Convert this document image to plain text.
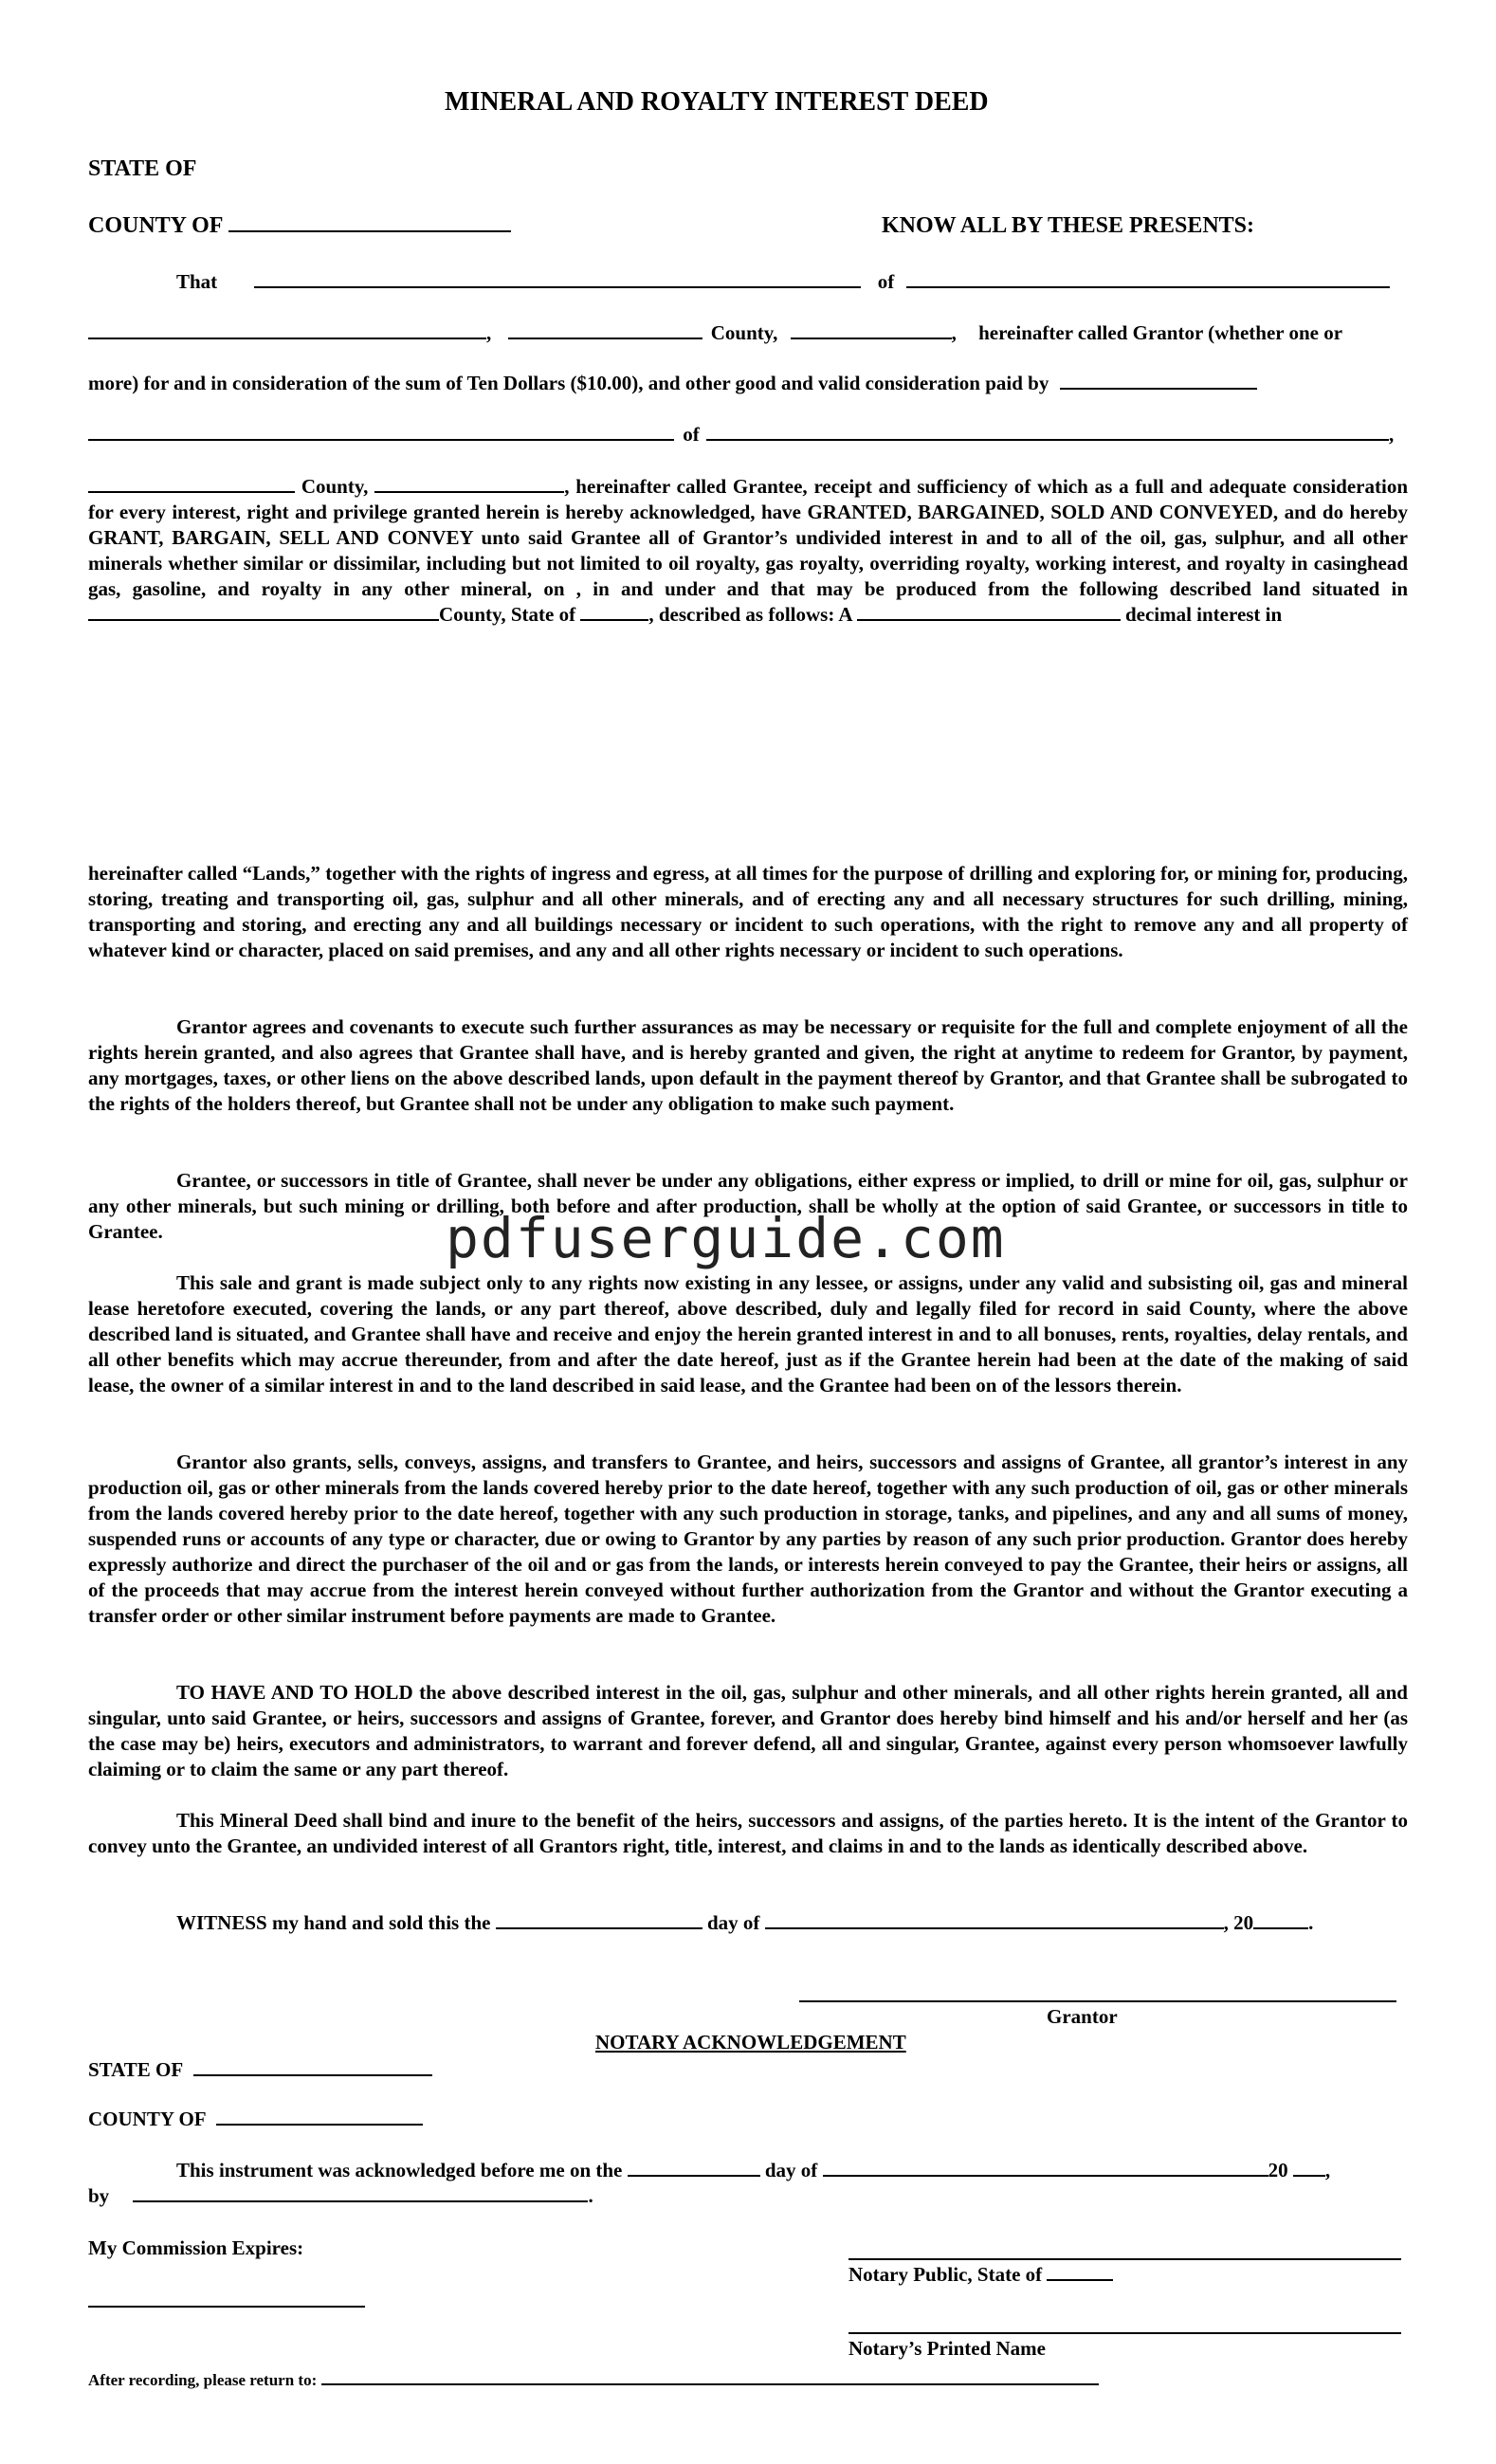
MINERAL AND ROYALTY INTEREST DEED
STATE OF
COUNTY OF	KNOW ALL BY THESE PRESENTS:
That	of
,	County,	, hereinafter called Grantor (whether one or
more) for and in consideration of the sum of Ten Dollars ($10.00), and other good and valid consideration paid by
of	,
County,	, hereinafter called Grantee, receipt and sufficiency of which as a full and adequate consideration for every interest, right and privilege granted herein is hereby acknowledged, have GRANTED, BARGAINED, SOLD AND CONVEYED, and do hereby GRANT, BARGAIN, SELL AND CONVEY unto said Grantee all of Grantor’s undivided interest in and to all of the oil, gas, sulphur, and all other minerals whether similar or dissimilar, including but not limited to oil royalty, gas royalty, overriding royalty, working interest, and royalty in casinghead gas, gasoline, and royalty in any other mineral, on , in and under and that may be produced from the following described land situated in County, State of	, described as follows: A	decimal interest in
hereinafter called “Lands,” together with the rights of ingress and egress, at all times for the purpose of drilling and exploring for, or mining for, producing, storing, treating and transporting oil, gas, sulphur and all other minerals, and of erecting any and all necessary structures for such drilling, mining, transporting and storing, and erecting any and all buildings necessary or incident to such operations, with the right to remove any and all property of whatever kind or character, placed on said premises, and any and all other rights necessary or incident to such operations.
Grantor agrees and covenants to execute such further assurances as may be necessary or requisite for the full and complete enjoyment of all the rights herein granted, and also agrees that Grantee shall have, and is hereby granted and given, the right at anytime to redeem for Grantor, by payment, any mortgages, taxes, or other liens on the above described lands, upon default in the payment thereof by Grantor, and that Grantee shall be subrogated to the rights of the holders thereof, but Grantee shall not be under any obligation to make such payment.
Grantee, or successors in title of Grantee, shall never be under any obligations, either express or implied, to drill or mine for oil, gas, sulphur or any other minerals, but such mining or drilling, both before and after production, shall be wholly at the option of said Grantee, or successors in title to Grantee.
This sale and grant is made subject only to any rights now existing in any lessee, or assigns, under any valid and subsisting oil, gas and mineral lease heretofore executed, covering the lands, or any part thereof, above described, duly and legally filed for record in said County, where the above described land is situated, and Grantee shall have and receive and enjoy the herein granted interest in and to all bonuses, rents, royalties, delay rentals, and all other benefits which may accrue thereunder, from and after the date hereof, just as if the Grantee herein had been at the date of the making of said lease, the owner of a similar interest in and to the land described in said lease, and the Grantee had been on of the lessors therein.
Grantor also grants, sells, conveys, assigns, and transfers to Grantee, and heirs, successors and assigns of Grantee, all grantor’s interest in any production oil, gas or other minerals from the lands covered hereby prior to the date hereof, together with any such production of oil, gas or other minerals from the lands covered hereby prior to the date hereof, together with any such production in storage, tanks, and pipelines, and any and all sums of money, suspended runs or accounts of any type or character, due or owing to Grantor by any parties by reason of any such prior production. Grantor does hereby expressly authorize and direct the purchaser of the oil and or gas from the lands, or interests herein conveyed to pay the Grantee, their heirs or assigns, all of the proceeds that may accrue from the interest herein conveyed without further authorization from the Grantor and without the Grantor executing a transfer order or other similar instrument before payments are made to Grantee.
TO HAVE AND TO HOLD the above described interest in the oil, gas, sulphur and other minerals, and all other rights herein granted, all and singular, unto said Grantee, or heirs, successors and assigns of Grantee, forever, and Grantor does hereby bind himself and his and/or herself and her (as the case may be) heirs, executors and administrators, to warrant and forever defend, all and singular, Grantee, against every person whomsoever lawfully claiming or to claim the same or any part thereof.
This Mineral Deed shall bind and inure to the benefit of the heirs, successors and assigns, of the parties hereto. It is the intent of the Grantor to convey unto the Grantee, an undivided interest of all Grantors right, title, interest, and claims in and to the lands as identically described above.
pdfuserguide.com
WITNESS my hand and sold this the	day of	, 20	.
Grantor
NOTARY ACKNOWLEDGEMENT
STATE OF
COUNTY OF
This instrument was acknowledged before me on the	day of	20 ,
by	.
My Commission Expires:
Notary Public, State of
Notary’s Printed Name
After recording, please return to:
